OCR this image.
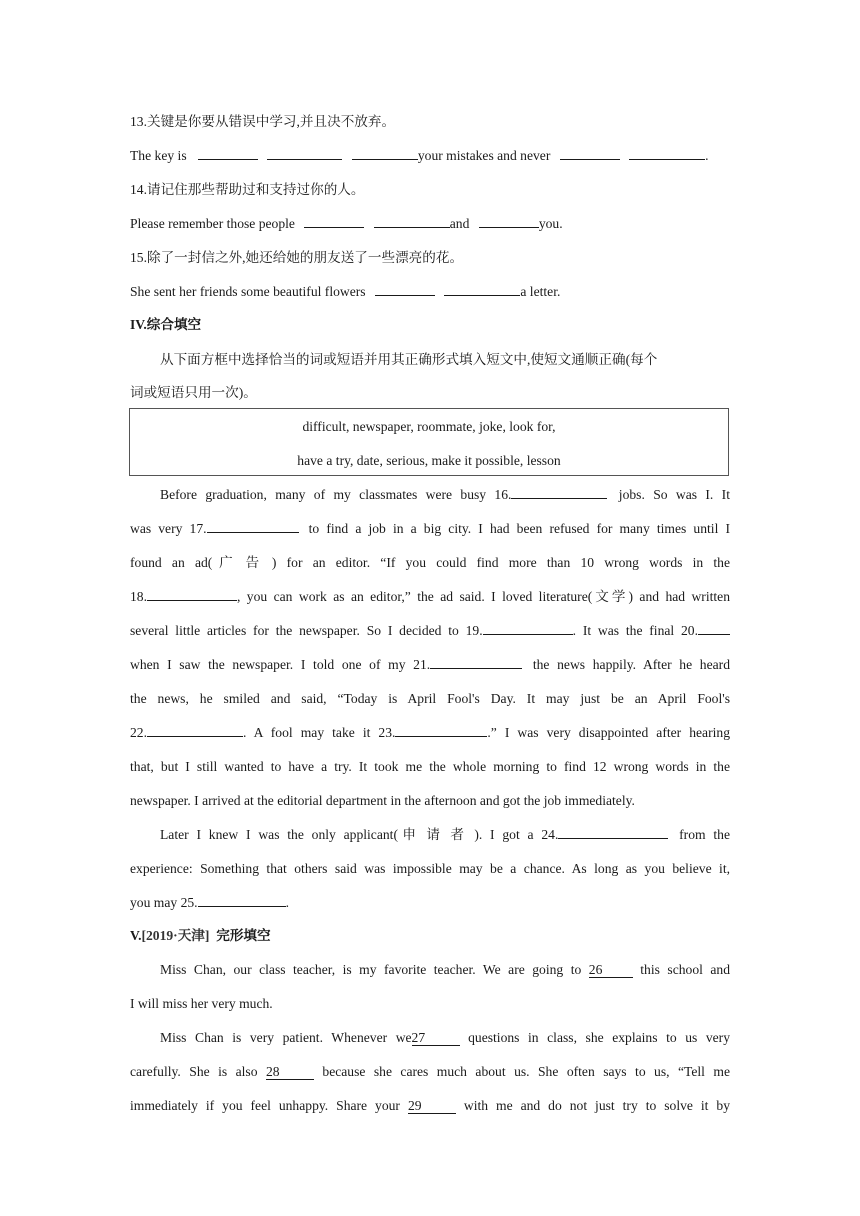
13.关键是你要从错误中学习,并且决不放弃。
The key is	your mistakes and never	.
14.请记住那些帮助过和支持过你的人。
Please remember those people	and	you.
15.除了一封信之外,她还给她的朋友送了一些漂亮的花。
She sent her friends some beautiful flowers	a letter.
IV.综合填空
从下面方框中选择恰当的词或短语并用其正确形式填入短文中,使短文通顺正确(每个
词或短语只用一次)。
difficult, newspaper, roommate, joke, look for,
have a try, date, serious, make it possible, lesson
Before graduation, many of my classmates were busy 16.	jobs. So was I. It
was very 17.	to find a job in a big city. I had been refused for many times until I
found an ad(广告) for an editor. “If you could find more than 10 wrong words in the
18.	, you can work as an editor,” the ad said. I loved literature(文学) and had written
several little articles for the newspaper. So I decided to 19.	. It was the final 20.
when I saw the newspaper. I told one of my 21.	the news happily. After he heard
the news, he smiled and said, “Today is April Fool's Day. It may just be an April Fool's
22.	. A fool may take it 23.	.” I was very disappointed after hearing
that, but I still wanted to have a try. It took me the whole morning to find 12 wrong words in the
newspaper. I arrived at the editorial department in the afternoon and got the job immediately.
Later I knew I was the only applicant(申请者). I got a 24.	from the
experience: Something that others said was impossible may be a chance. As long as you believe it,
you may 25.	.
V.[2019·天津] 完形填空
Miss Chan, our class teacher, is my favorite teacher. We are going to 26	this school and
I will miss her very much.
Miss Chan is very patient. Whenever we27	questions in class, she explains to us very
carefully. She is also 28	because she cares much about us. She often says to us, “Tell me
immediately if you feel unhappy. Share your 29	with me and do not just try to solve it by
